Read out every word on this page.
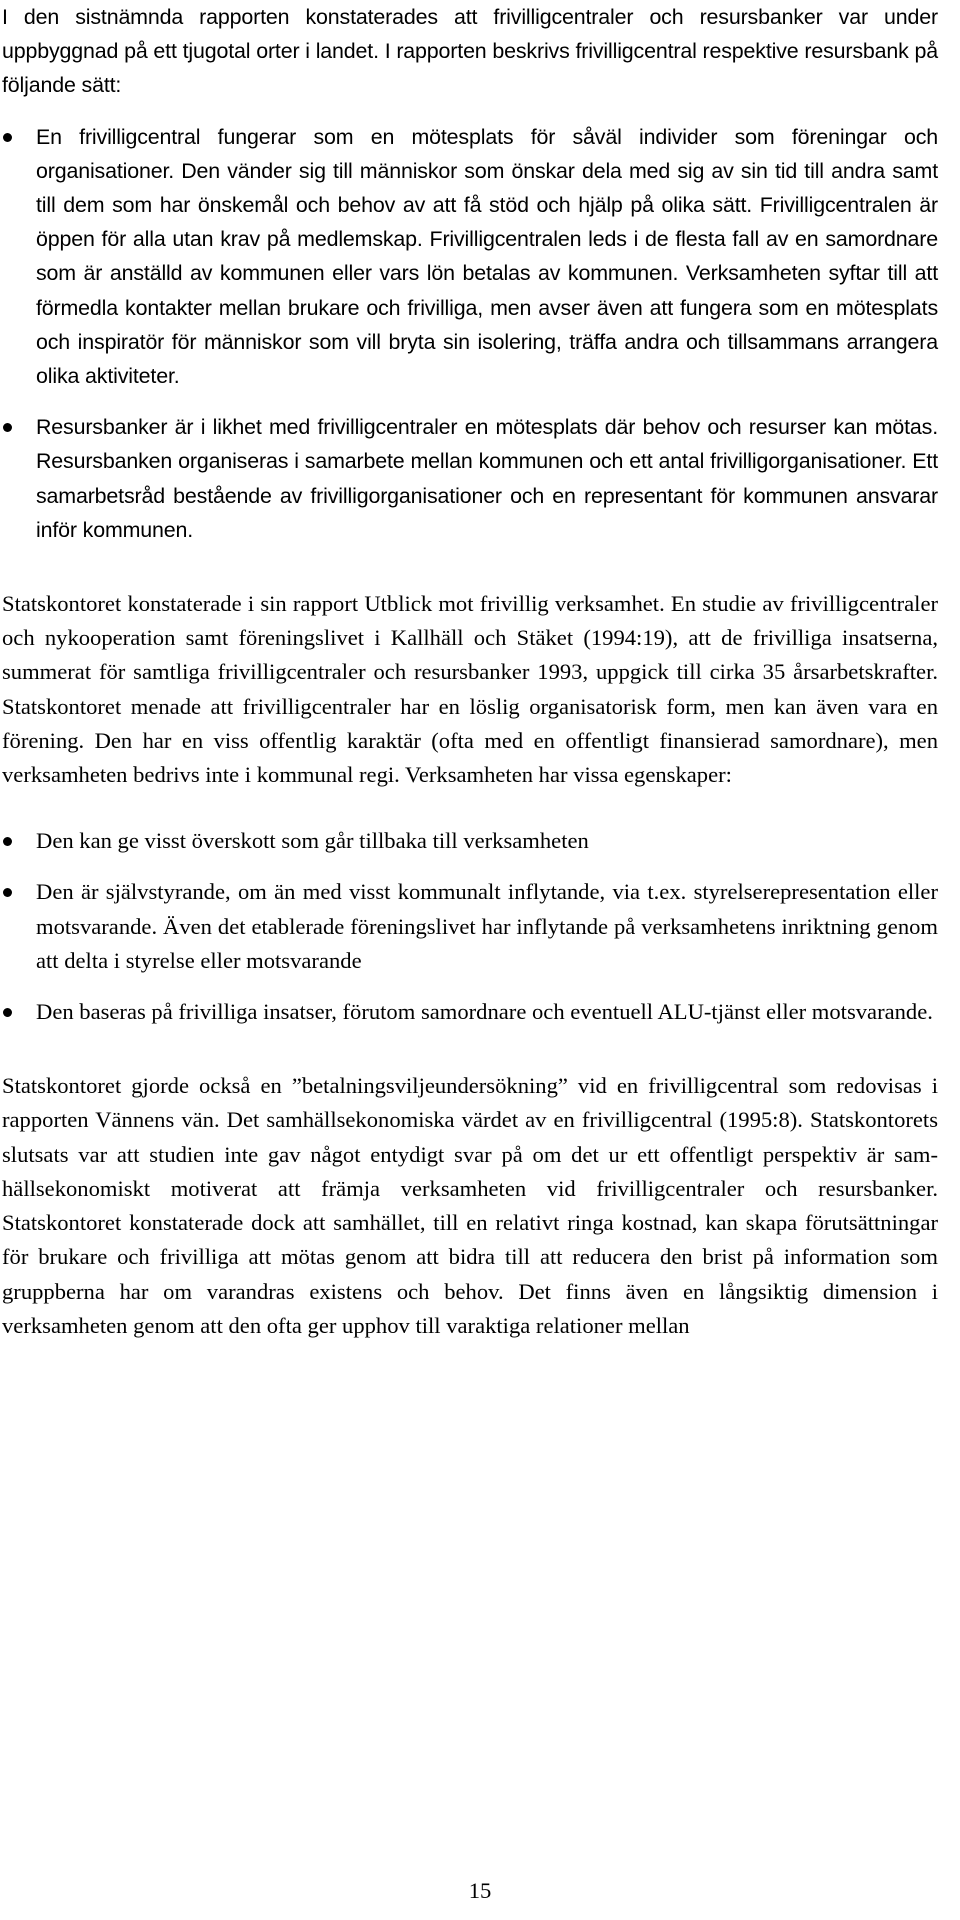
I den sistnämnda rapporten konstaterades att frivilligcentraler och resursbanker var under uppbyggnad på ett tjugotal orter i landet. I rapporten beskrivs frivilligcentral respektive resursbank på följande sätt:

En frivilligcentral fungerar som en mötesplats för såväl individer som föreningar och organisationer. Den vänder sig till människor som önskar dela med sig av sin tid till andra samt till dem som har önskemål och behov av att få stöd och hjälp på olika sätt. Frivilligcentralen är öppen för alla utan krav på medlemskap. Frivilligcentralen leds i de flesta fall av en samordnare som är anställd av kommunen eller vars lön betalas av kommunen. Verksamheten syftar till att förmedla kontakter mellan brukare och frivilliga, men avser även att fungera som en mötesplats och inspiratör för människor som vill bryta sin isolering, träffa andra och tillsammans arrangera olika aktiviteter.
Resursbanker är i likhet med frivilligcentraler en mötesplats där behov och resurser kan mötas. Resursbanken organiseras i samarbete mellan kommunen och ett antal frivilligorganisationer. Ett samarbetsråd bestående av frivilligorganisationer och en representant för kommunen ansvarar inför kommunen.

Statskontoret konstaterade i sin rapport Utblick mot frivillig verksamhet. En studie av frivilligcentraler och nykooperation samt föreningslivet i Kallhäll och Stäket (1994:19), att de frivilliga insatserna, summerat för samtliga frivilligcentraler och resursbanker 1993, uppgick till cirka 35 årsarbetskrafter. Statskontoret menade att frivilligcentraler har en löslig organisatorisk form, men kan även vara en förening. Den har en viss offentlig karaktär (ofta med en offentligt finansierad samordnare), men verksamheten bedrivs inte i kommunal regi. Verksamheten har vissa egenskaper:

Den kan ge visst överskott som går tillbaka till verksamheten
Den är självstyrande, om än med visst kommunalt inflytande, via t.ex. styrelserepresentation eller motsvarande. Även det etablerade föreningslivet har inflytande på verksamhetens inriktning genom att delta i styrelse eller motsvarande
Den baseras på frivilliga insatser, förutom samordnare och eventuell ALU-tjänst eller motsvarande.

Statskontoret gjorde också en ”betalningsviljeundersökning” vid en frivilligcentral som redovisas i rapporten Vännens vän. Det samhällsekonomiska värdet av en frivilligcentral (1995:8). Statskontorets slutsats var att studien inte gav något entydigt svar på om det ur ett offentligt perspektiv är samhällsekonomiskt motiverat att främja verksamheten vid frivilligcentraler och resursbanker. Statskontoret konstaterade dock att samhället, till en relativt ringa kostnad, kan skapa förutsättningar för brukare och frivilliga att mötas genom att bidra till att reducera den brist på information som gruppberna har om varandras existens och behov. Det finns även en långsiktig dimension i verksamheten genom att den ofta ger upphov till varaktiga relationer mellan

15
